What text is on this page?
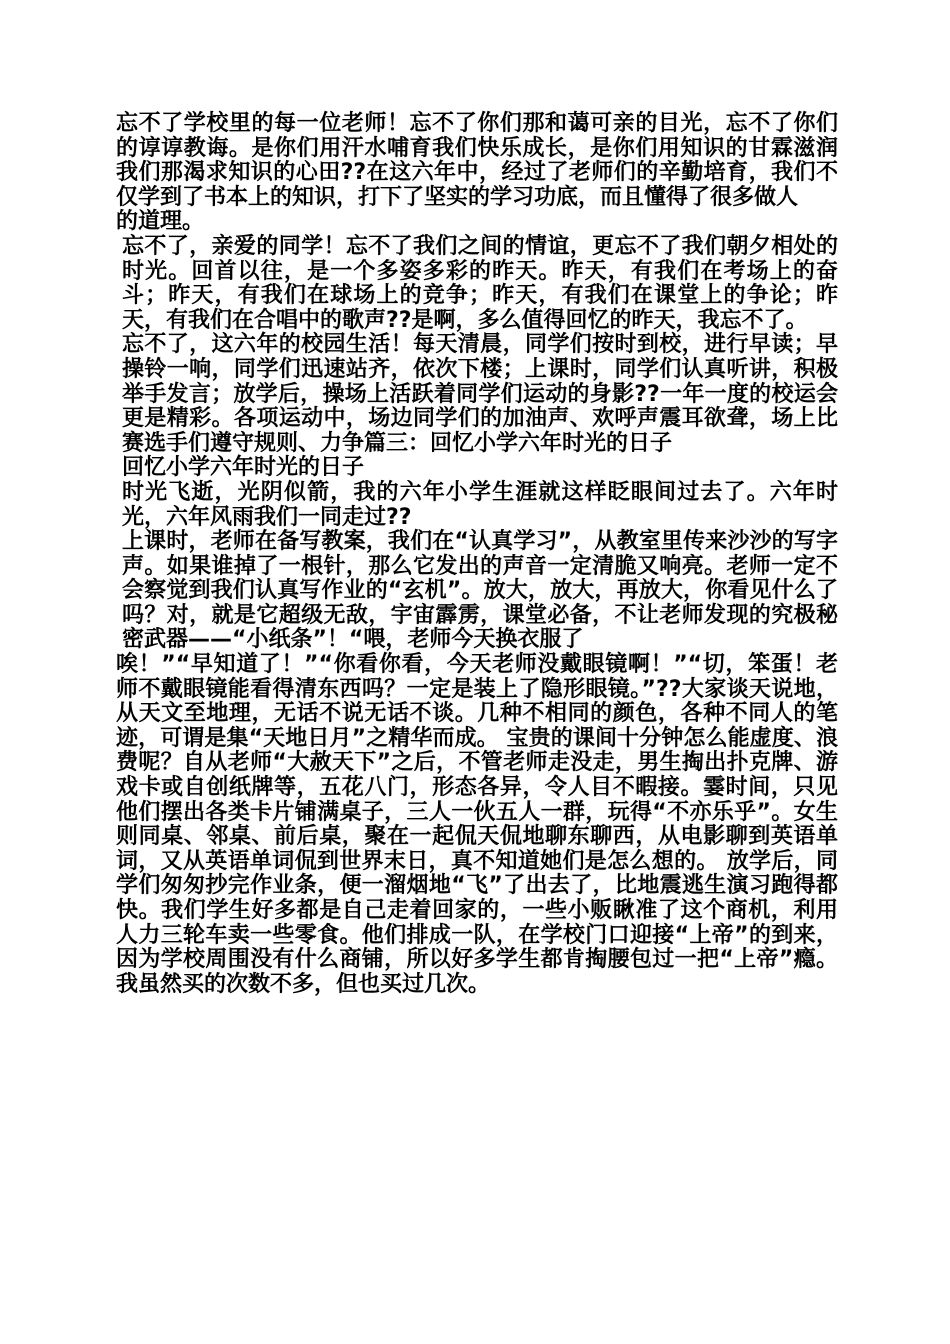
忘不了学校里的每一位老师！忘不了你们那和蔼可亲的目光，忘不了你们的谆谆教诲。是你们用汗水哺育我们快乐成长，是你们用知识的甘霖滋润我们那渴求知识的心田??在这六年中，经过了老师们的辛勤培育，我们不仅学到了书本上的知识，打下了坚实的学习功底，而且懂得了很多做人

的道理。

忘不了，亲爱的同学！忘不了我们之间的情谊，更忘不了我们朝夕相处的时光。回首以往，是一个多姿多彩的昨天。昨天，有我们在考场上的奋斗；昨天，有我们在球场上的竞争；昨天，有我们在课堂上的争论；昨天，有我们在合唱中的歌声??是啊，多么值得回忆的昨天，我忘不了。

忘不了，这六年的校园生活！每天清晨，同学们按时到校，进行早读；早操铃一响，同学们迅速站齐，依次下楼；上课时，同学们认真听讲，积极举手发言；放学后，操场上活跃着同学们运动的身影??一年一度的校运会更是精彩。各项运动中，场边同学们的加油声、欢呼声震耳欲聋，场上比赛选手们遵守规则、力争篇三：回忆小学六年时光的日子

回忆小学六年时光的日子

时光飞逝，光阴似箭，我的六年小学生涯就这样眨眼间过去了。六年时光，六年风雨我们一同走过??

上课时，老师在备写教案，我们在“认真学习”，从教室里传来沙沙的写字声。如果谁掉了一根针，那么它发出的声音一定清脆又响亮。老师一定不会察觉到我们认真写作业的“玄机”。放大，放大，再放大，你看见什么了吗？对，就是它超级无敌，宇宙霹雳，课堂必备，不让老师发现的究极秘密武器——“小纸条”！“喂，老师今天换衣服了

唉！”“早知道了！”“你看你看，今天老师没戴眼镜啊！”“切，笨蛋！老师不戴眼镜能看得清东西吗？一定是装上了隐形眼镜。”??大家谈天说地，从天文至地理，无话不说无话不谈。几种不相同的颜色，各种不同人的笔迹，可谓是集“天地日月”之精华而成。 宝贵的课间十分钟怎么能虚度、浪费呢？自从老师“大赦天下”之后，不管老师走没走，男生掏出扑克牌、游戏卡或自创纸牌等，五花八门，形态各异，令人目不暇接。霎时间，只见他们摆出各类卡片铺满桌子，三人一伙五人一群，玩得“不亦乐乎”。女生则同桌、邻桌、前后桌，聚在一起侃天侃地聊东聊西，从电影聊到英语单词，又从英语单词侃到世界末日，真不知道她们是怎么想的。 放学后，同学们匆匆抄完作业条，便一溜烟地“飞”了出去了，比地震逃生演习跑得都快。我们学生好多都是自己走着回家的，一些小贩瞅准了这个商机，利用人力三轮车卖一些零食。他们排成一队，在学校门口迎接“上帝”的到来，因为学校周围没有什么商铺，所以好多学生都肯掏腰包过一把“上帝”瘾。我虽然买的次数不多，但也买过几次。
